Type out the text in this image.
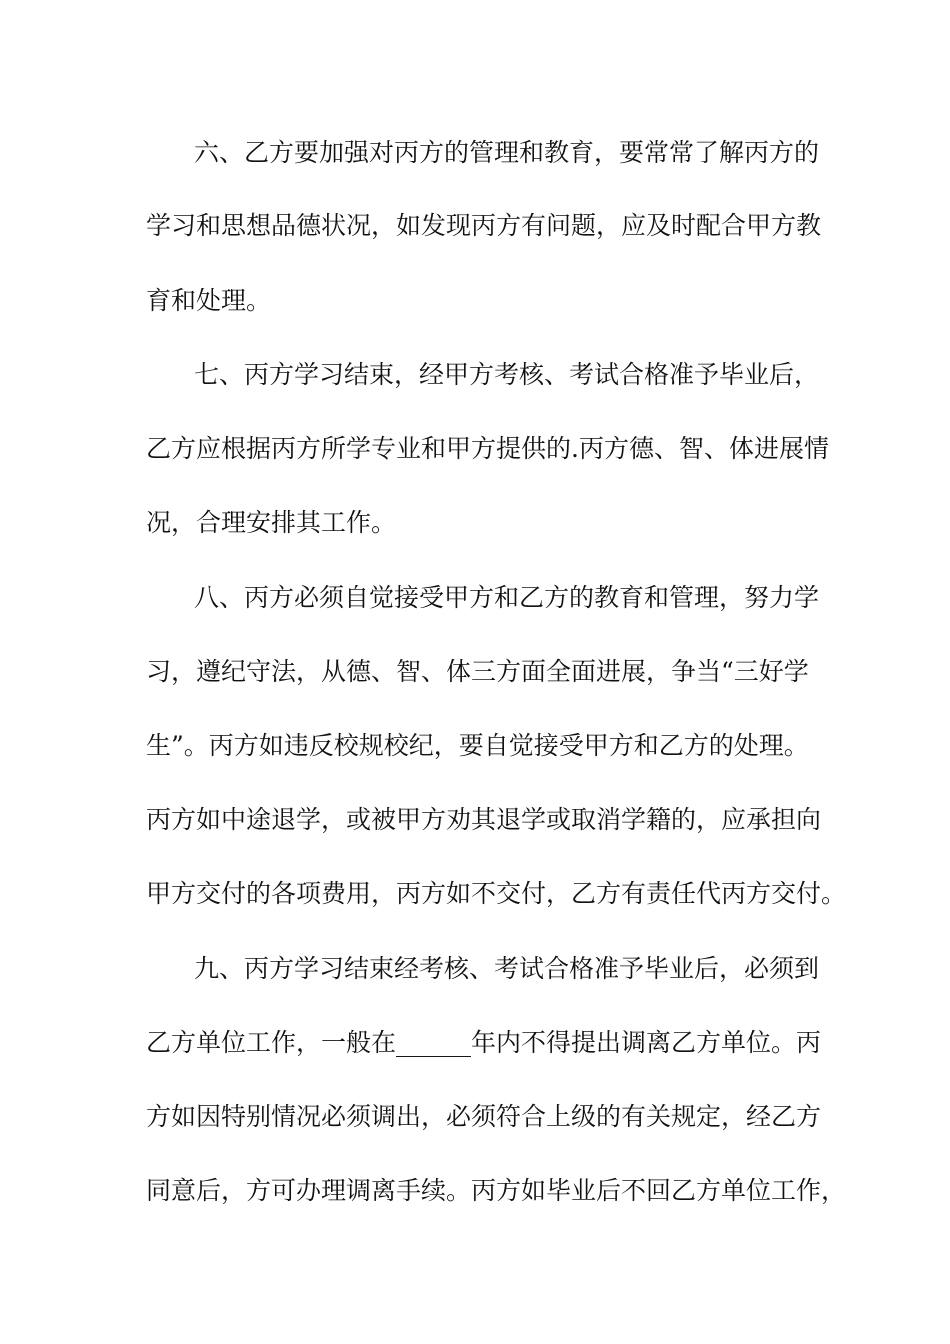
六、乙方要加强对丙方的管理和教育，要常常了解丙方的
学习和思想品德状况，如发现丙方有问题，应及时配合甲方教
育和处理。
七、丙方学习结束，经甲方考核、考试合格准予毕业后，
乙方应根据丙方所学专业和甲方提供的.丙方德、智、体进展情
况，合理安排其工作。
八、丙方必须自觉接受甲方和乙方的教育和管理，努力学
习，遵纪守法，从德、智、体三方面全面进展，争当“三好学
生”。丙方如违反校规校纪，要自觉接受甲方和乙方的处理。
丙方如中途退学，或被甲方劝其退学或取消学籍的，应承担向
甲方交付的各项费用，丙方如不交付，乙方有责任代丙方交付。
九、丙方学习结束经考核、考试合格准予毕业后，必须到
乙方单位工作，一般在______年内不得提出调离乙方单位。丙
方如因特别情况必须调出，必须符合上级的有关规定，经乙方
同意后，方可办理调离手续。丙方如毕业后不回乙方单位工作，
